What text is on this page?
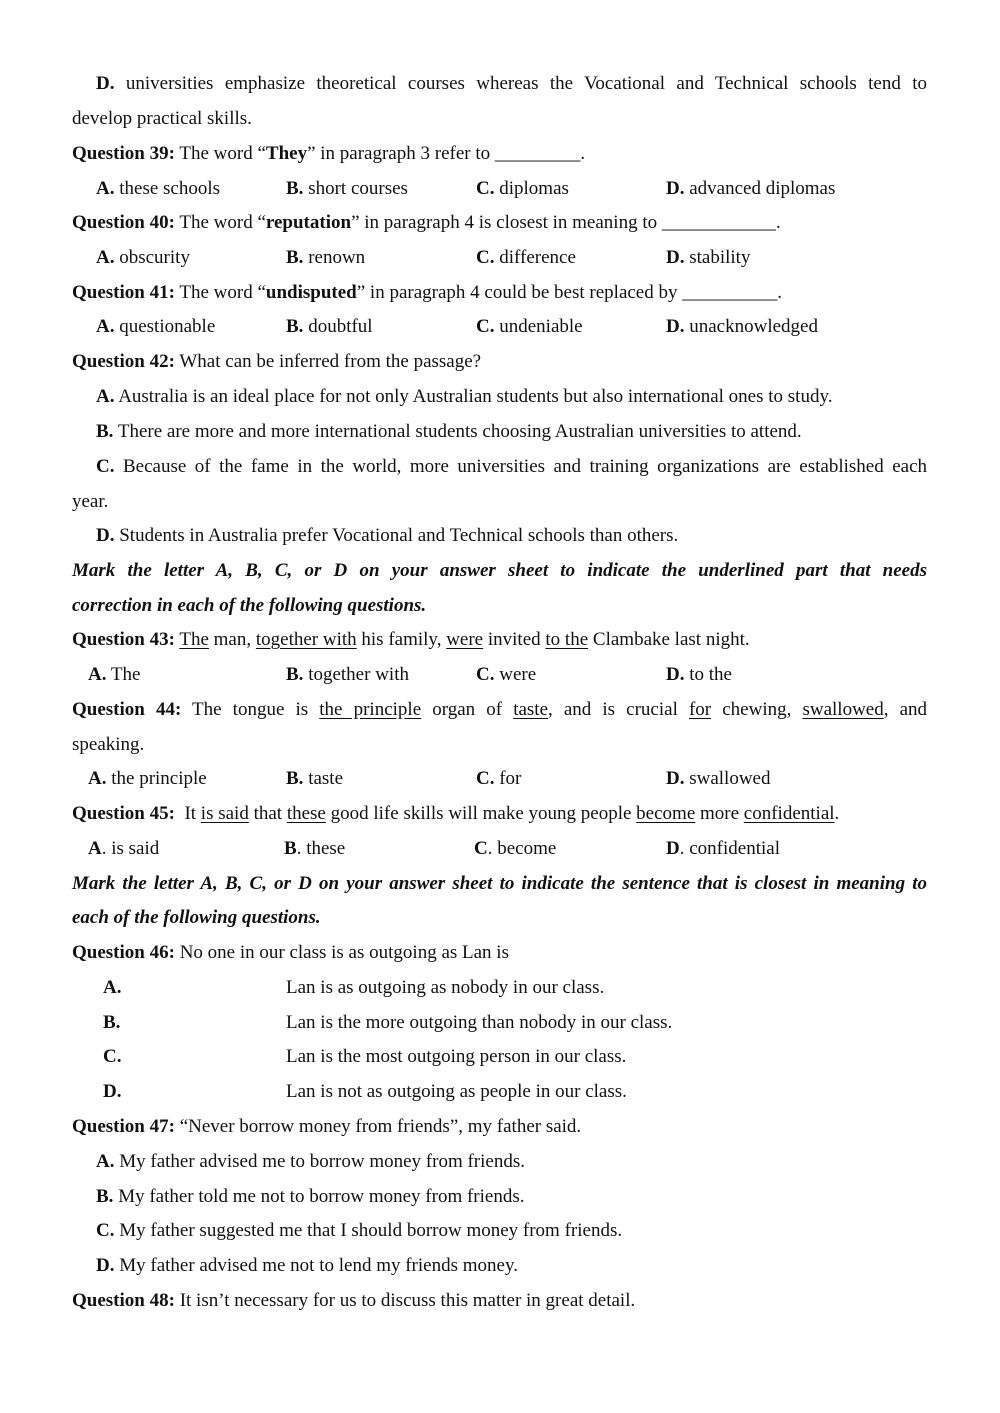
D. universities emphasize theoretical courses whereas the Vocational and Technical schools tend to
develop practical skills.
Question 39: The word “They” in paragraph 3 refer to _________.
A. these schools	B. short courses	C. diplomas	D. advanced diplomas
Question 40: The word “reputation” in paragraph 4 is closest in meaning to ____________.
A. obscurity	B. renown	C. difference	D. stability
Question 41: The word “undisputed” in paragraph 4 could be best replaced by __________.
A. questionable	B. doubtful	C. undeniable	D. unacknowledged
Question 42: What can be inferred from the passage?
A. Australia is an ideal place for not only Australian students but also international ones to study.
B. There are more and more international students choosing Australian universities to attend.
C. Because of the fame in the world, more universities and training organizations are established each
year.
D. Students in Australia prefer Vocational and Technical schools than others.
Mark the letter A, B, C, or D on your answer sheet to indicate the underlined part that needs
correction in each of the following questions.
Question 43: The man, together with his family, were invited to the Clambake last night.
A. The	B. together with	C. were	D. to the
Question 44: The tongue is the principle organ of taste, and is crucial for chewing, swallowed, and
speaking.
A. the principle	B. taste	C. for	D. swallowed
Question 45: It is said that these good life skills will make young people become more confidential.
A. is said	B. these	C. become	D. confidential
Mark the letter A, B, C, or D on your answer sheet to indicate the sentence that is closest in meaning to
each of the following questions.
Question 46: No one in our class is as outgoing as Lan is
A.	Lan is as outgoing as nobody in our class.
B.	Lan is the more outgoing than nobody in our class.
C.	Lan is the most outgoing person in our class.
D.	Lan is not as outgoing as people in our class.
Question 47: “Never borrow money from friends”, my father said.
A. My father advised me to borrow money from friends.
B. My father told me not to borrow money from friends.
C. My father suggested me that I should borrow money from friends.
D. My father advised me not to lend my friends money.
Question 48: It isn’t necessary for us to discuss this matter in great detail.
